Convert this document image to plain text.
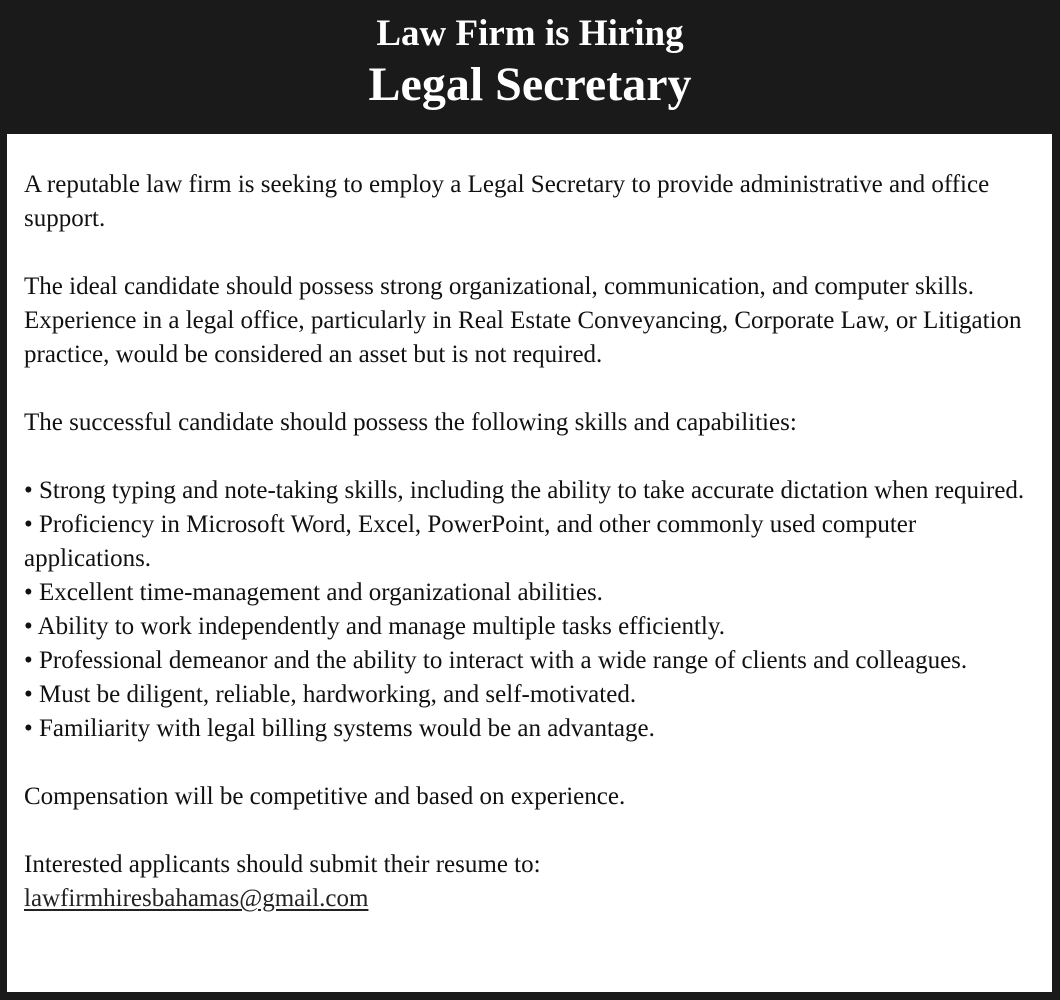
Law Firm is Hiring
Legal Secretary

A reputable law firm is seeking to employ a Legal Secretary to provide administrative and office support.

The ideal candidate should possess strong organizational, communication, and computer skills. Experience in a legal office, particularly in Real Estate Conveyancing, Corporate Law, or Litigation practice, would be considered an asset but is not required.

The successful candidate should possess the following skills and capabilities:

• Strong typing and note-taking skills, including the ability to take accurate dictation when required.
• Proficiency in Microsoft Word, Excel, PowerPoint, and other commonly used computer applications.
• Excellent time-management and organizational abilities.
• Ability to work independently and manage multiple tasks efficiently.
• Professional demeanor and the ability to interact with a wide range of clients and colleagues.
• Must be diligent, reliable, hardworking, and self-motivated.
• Familiarity with legal billing systems would be an advantage.

Compensation will be competitive and based on experience.

Interested applicants should submit their resume to:

lawfirmhiresbahamas@gmail.com
